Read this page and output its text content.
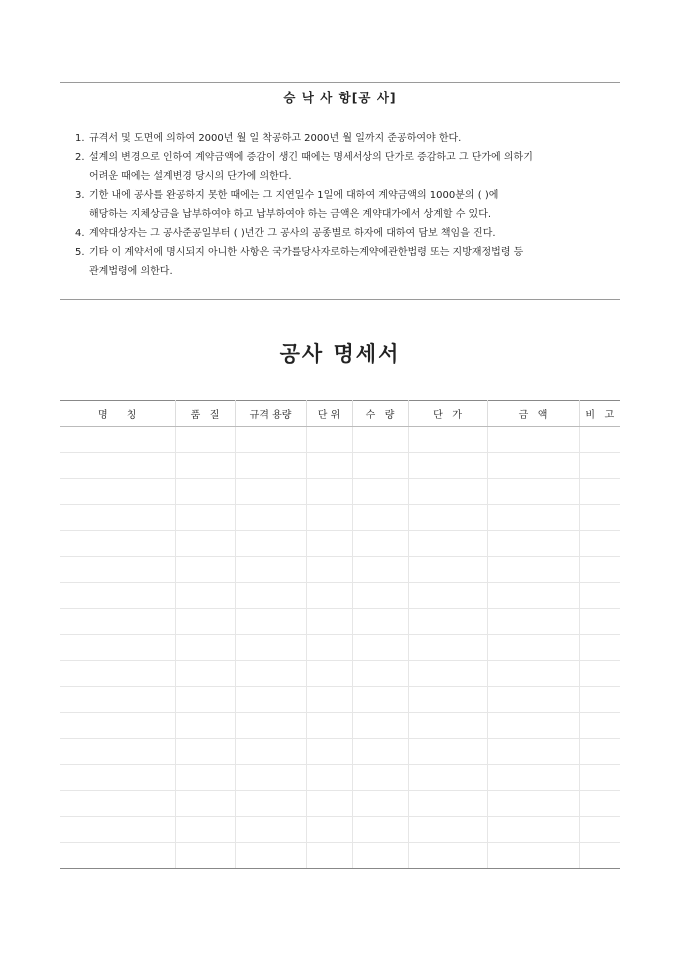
승 낙 사 항[공 사]
1. 규격서 및 도면에 의하여 2000년 월 일 착공하고 2000년 월 일까지 준공하여야 한다.
2. 설계의 변경으로 인하여 계약금액에 증감이 생긴 때에는 명세서상의 단가로 증감하고 그 단가에 의하기
어려운 때에는 설계변경 당시의 단가에 의한다.
3. 기한 내에 공사를 완공하지 못한 때에는 그 지연일수 1일에 대하여 계약금액의 1000분의 ( )에
해당하는 지체상금을 납부하여야 하고 납부하여야 하는 금액은 계약대가에서 상계할 수 있다.
4. 계약대상자는 그 공사준공일부터 ( )년간 그 공사의 공종별로 하자에 대하여 담보 책임을 진다.
5. 기타 이 계약서에 명시되지 아니한 사항은 국가를당사자로하는계약에관한법령 또는 지방재정법령 등
관계법령에 의한다.
공사 명세서
명      칭	품   질	규격 용량	단 위	수   량	단   가	금   액	비   고
